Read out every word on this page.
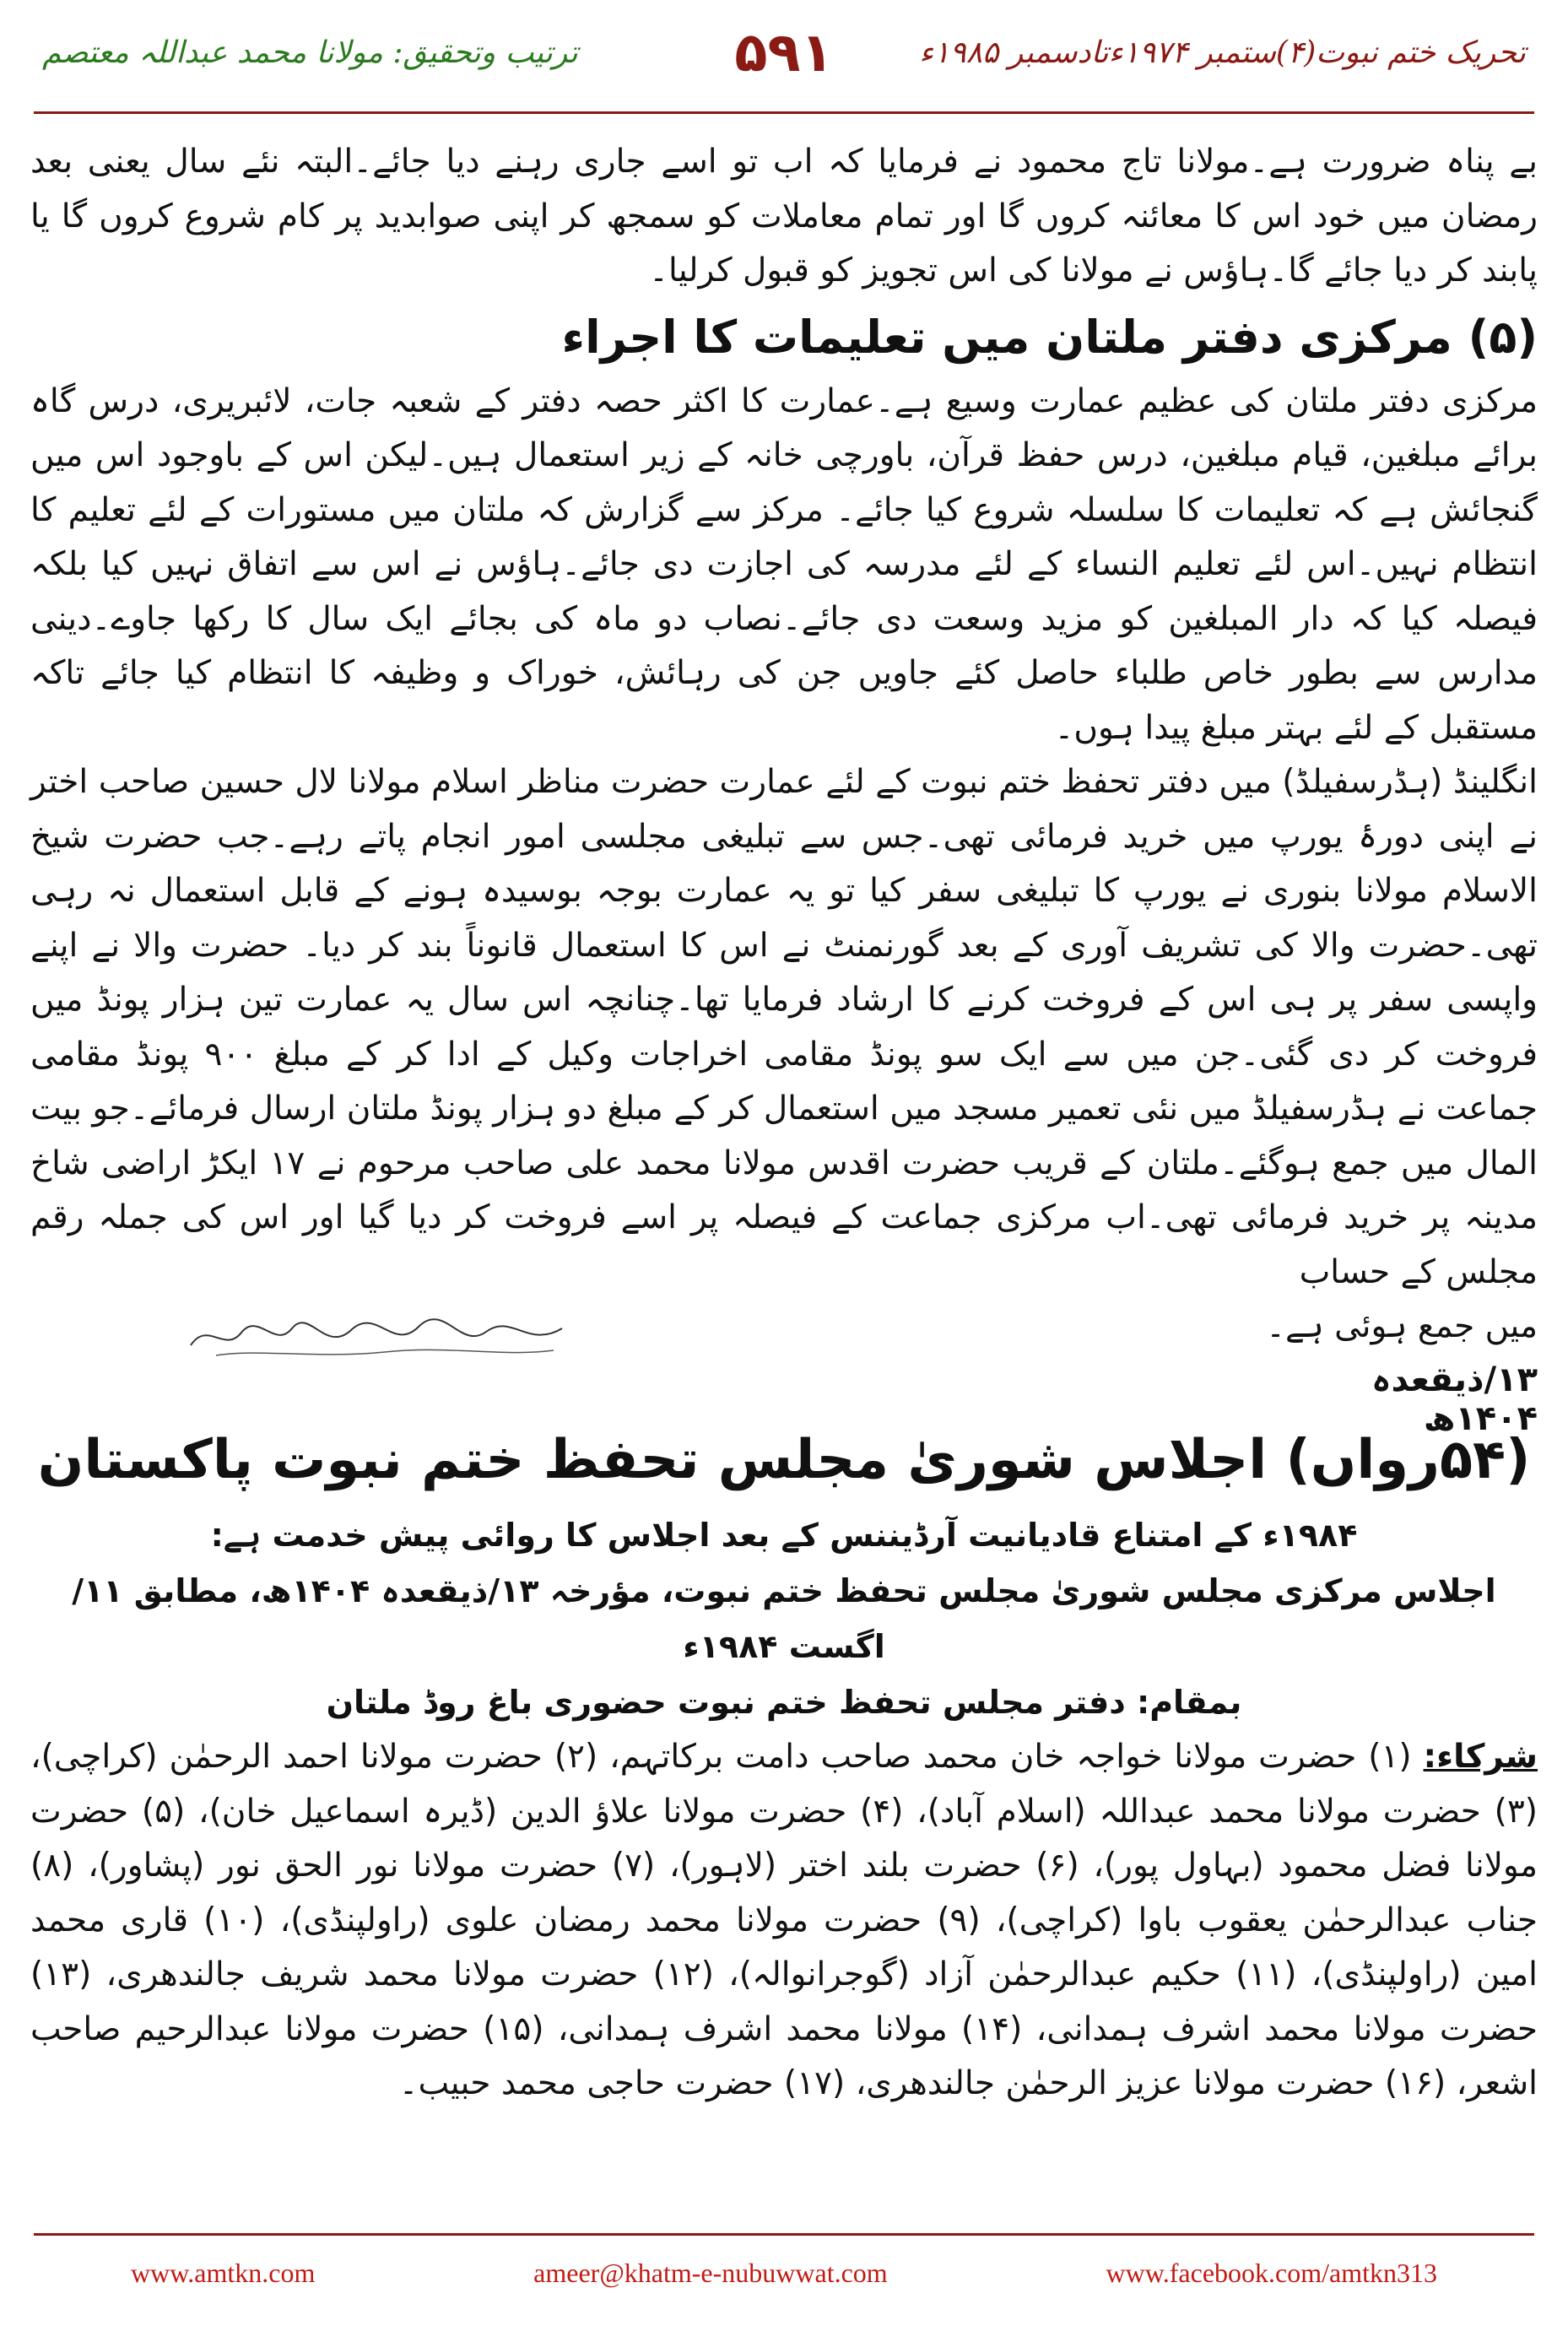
ترتیب وتحقیق: مولانا محمد عبداللہ معتصم	۵۹۱	تحریک ختم نبوت(۴)ستمبر ۱۹۷۴ءتادسمبر ۱۹۸۵ء

بے پناہ ضرورت ہے۔مولانا تاج محمود نے فرمایا کہ اب تو اسے جاری رہنے دیا جائے۔البتہ نئے سال یعنی بعد رمضان میں خود اس کا معائنہ کروں گا اور تمام معاملات کو سمجھ کر اپنی صوابدید پر کام شروع کروں گا یا پابند کر دیا جائے گا۔ہاؤس نے مولانا کی اس تجویز کو قبول کرلیا۔

(۵) مرکزی دفتر ملتان میں تعلیمات کا اجراء

مرکزی دفتر ملتان کی عظیم عمارت وسیع ہے۔عمارت کا اکثر حصہ دفتر کے شعبہ جات، لائبریری، درس گاہ برائے مبلغین، قیام مبلغین، درس حفظ قرآن، باورچی خانہ کے زیر استعمال ہیں۔لیکن اس کے باوجود اس میں گنجائش ہے کہ تعلیمات کا سلسلہ شروع کیا جائے۔ مرکز سے گزارش کہ ملتان میں مستورات کے لئے تعلیم کا انتظام نہیں۔اس لئے تعلیم النساء کے لئے مدرسہ کی اجازت دی جائے۔ہاؤس نے اس سے اتفاق نہیں کیا بلکہ فیصلہ کیا کہ دار المبلغین کو مزید وسعت دی جائے۔نصاب دو ماہ کی بجائے ایک سال کا رکھا جاوے۔دینی مدارس سے بطور خاص طلباء حاصل کئے جاویں جن کی رہائش، خوراک و وظیفہ کا انتظام کیا جائے تاکہ مستقبل کے لئے بہتر مبلغ پیدا ہوں۔

انگلینڈ (ہڈرسفیلڈ) میں دفتر تحفظ ختم نبوت کے لئے عمارت حضرت مناظر اسلام مولانا لال حسین صاحب اختر نے اپنی دورۂ یورپ میں خرید فرمائی تھی۔جس سے تبلیغی مجلسی امور انجام پاتے رہے۔جب حضرت شیخ الاسلام مولانا بنوری نے یورپ کا تبلیغی سفر کیا تو یہ عمارت بوجہ بوسیدہ ہونے کے قابل استعمال نہ رہی تھی۔حضرت والا کی تشریف آوری کے بعد گورنمنٹ نے اس کا استعمال قانوناً بند کر دیا۔ حضرت والا نے اپنے واپسی سفر پر ہی اس کے فروخت کرنے کا ارشاد فرمایا تھا۔چنانچہ اس سال یہ عمارت تین ہزار پونڈ میں فروخت کر دی گئی۔جن میں سے ایک سو پونڈ مقامی اخراجات وکیل کے ادا کر کے مبلغ ۹۰۰ پونڈ مقامی جماعت نے ہڈرسفیلڈ میں نئی تعمیر مسجد میں استعمال کر کے مبلغ دو ہزار پونڈ ملتان ارسال فرمائے۔جو بیت المال میں جمع ہوگئے۔ملتان کے قریب حضرت اقدس مولانا محمد علی صاحب مرحوم نے ۱۷ ایکڑ اراضی شاخ مدینہ پر خرید فرمائی تھی۔اب مرکزی جماعت کے فیصلہ پر اسے فروخت کر دیا گیا اور اس کی جملہ رقم مجلس کے حساب

میں جمع ہوئی ہے۔
۱۳/ذیقعدہ ۱۴۰۴ھ
(۵۴رواں) اجلاس شوریٰ مجلس تحفظ ختم نبوت پاکستان
۱۹۸۴ء کے امتناع قادیانیت آرڈیننس کے بعد اجلاس کا روائی پیش خدمت ہے:
اجلاس مرکزی مجلس شوریٰ مجلس تحفظ ختم نبوت، مؤرخہ ۱۳/ذیقعدہ ۱۴۰۴ھ، مطابق ۱۱/اگست ۱۹۸۴ء
بمقام: دفتر مجلس تحفظ ختم نبوت حضوری باغ روڈ ملتان

شرکاء: (۱) حضرت مولانا خواجہ خان محمد صاحب دامت برکاتہم، (۲) حضرت مولانا احمد الرحمٰن (کراچی)، (۳) حضرت مولانا محمد عبداللہ (اسلام آباد)، (۴) حضرت مولانا علاؤ الدین (ڈیرہ اسماعیل خان)، (۵) حضرت مولانا فضل محمود (بہاول پور)، (۶) حضرت بلند اختر (لاہور)، (۷) حضرت مولانا نور الحق نور (پشاور)، (۸) جناب عبدالرحمٰن یعقوب باوا (کراچی)، (۹) حضرت مولانا محمد رمضان علوی (راولپنڈی)، (۱۰) قاری محمد امین (راولپنڈی)، (۱۱) حکیم عبدالرحمٰن آزاد (گوجرانوالہ)، (۱۲) حضرت مولانا محمد شریف جالندھری، (۱۳) حضرت مولانا محمد اشرف ہمدانی، (۱۴) مولانا محمد اشرف ہمدانی، (۱۵) حضرت مولانا عبدالرحیم صاحب اشعر، (۱۶) حضرت مولانا عزیز الرحمٰن جالندھری، (۱۷) حضرت حاجی محمد حبیب۔

www.amtkn.com	ameer@khatm-e-nubuwwat.com	www.facebook.com/amtkn313
